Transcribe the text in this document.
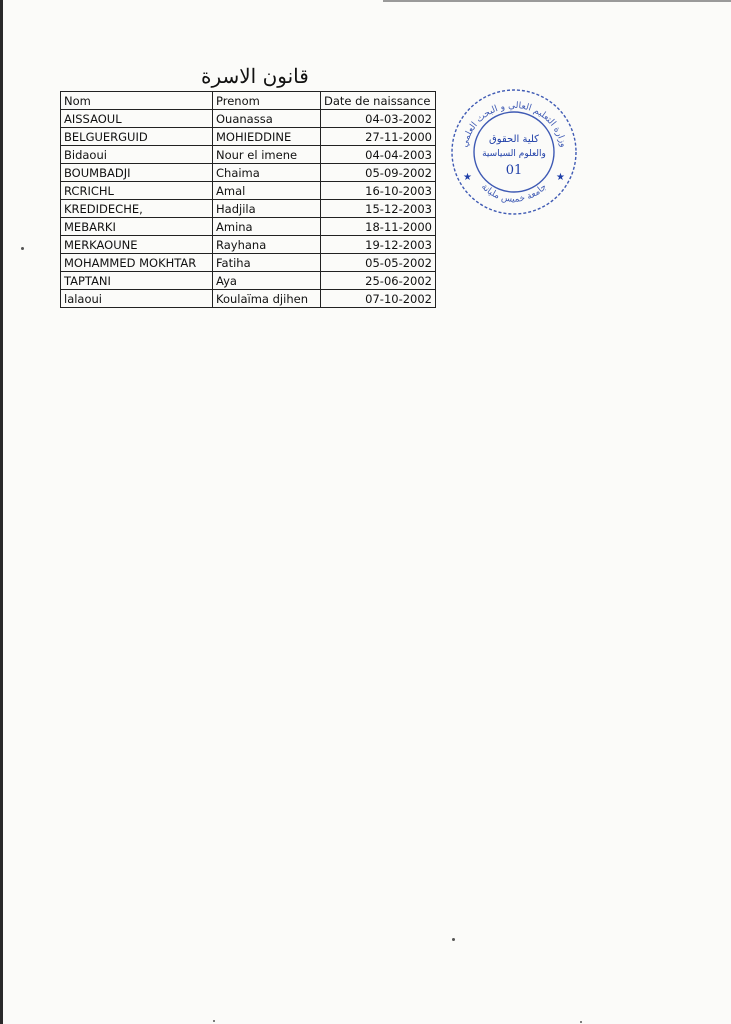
قانون الاسرة
Nom	Prenom	Date de naissance
AISSAOUL	Ouanassa	04-03-2002
BELGUERGUID	MOHIEDDINE	27-11-2000
Bidaoui	Nour el imene	04-04-2003
BOUMBADJI	Chaima	05-09-2002
RCRICHL	Amal	16-10-2003
KREDIDECHE,	Hadjila	15-12-2003
MEBARKI	Amina	18-11-2000
MERKAOUNE	Rayhana	19-12-2003
MOHAMMED MOKHTAR	Fatiha	05-05-2002
TAPTANI	Aya	25-06-2002
lalaoui	Koulaïma djihen	07-10-2002
وزارة التعليم العالي و البحث العلمي
جامعة خميس مليانة
كلية الحقوق
والعلوم السياسية
01
★	★
